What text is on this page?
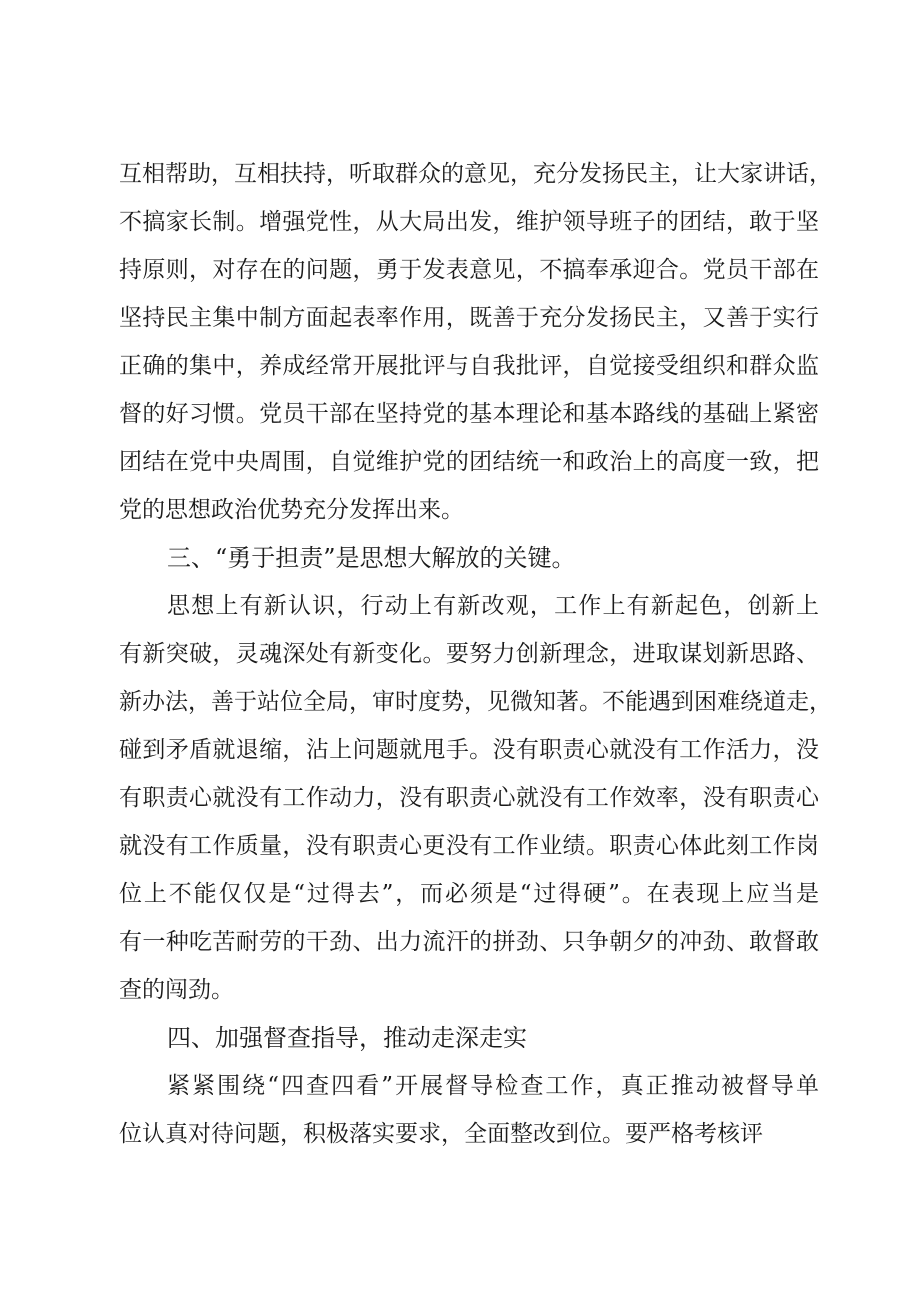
互相帮助，互相扶持，听取群众的意见，充分发扬民主，让大家讲话，
不搞家长制。增强党性，从大局出发，维护领导班子的团结，敢于坚
持原则，对存在的问题，勇于发表意见，不搞奉承迎合。党员干部在
坚持民主集中制方面起表率作用，既善于充分发扬民主，又善于实行
正确的集中，养成经常开展批评与自我批评，自觉接受组织和群众监
督的好习惯。党员干部在坚持党的基本理论和基本路线的基础上紧密
团结在党中央周围，自觉维护党的团结统一和政治上的高度一致，把
党的思想政治优势充分发挥出来。
三、“勇于担责”是思想大解放的关键。
思想上有新认识，行动上有新改观，工作上有新起色，创新上
有新突破，灵魂深处有新变化。要努力创新理念，进取谋划新思路、
新办法，善于站位全局，审时度势，见微知著。不能遇到困难绕道走，
碰到矛盾就退缩，沾上问题就甩手。没有职责心就没有工作活力，没
有职责心就没有工作动力，没有职责心就没有工作效率，没有职责心
就没有工作质量，没有职责心更没有工作业绩。职责心体此刻工作岗
位上不能仅仅是“过得去”，而必须是“过得硬”。在表现上应当是
有一种吃苦耐劳的干劲、出力流汗的拼劲、只争朝夕的冲劲、敢督敢
查的闯劲。
四、加强督查指导，推动走深走实
紧紧围绕“四查四看”开展督导检查工作，真正推动被督导单
位认真对待问题，积极落实要求，全面整改到位。要严格考核评
